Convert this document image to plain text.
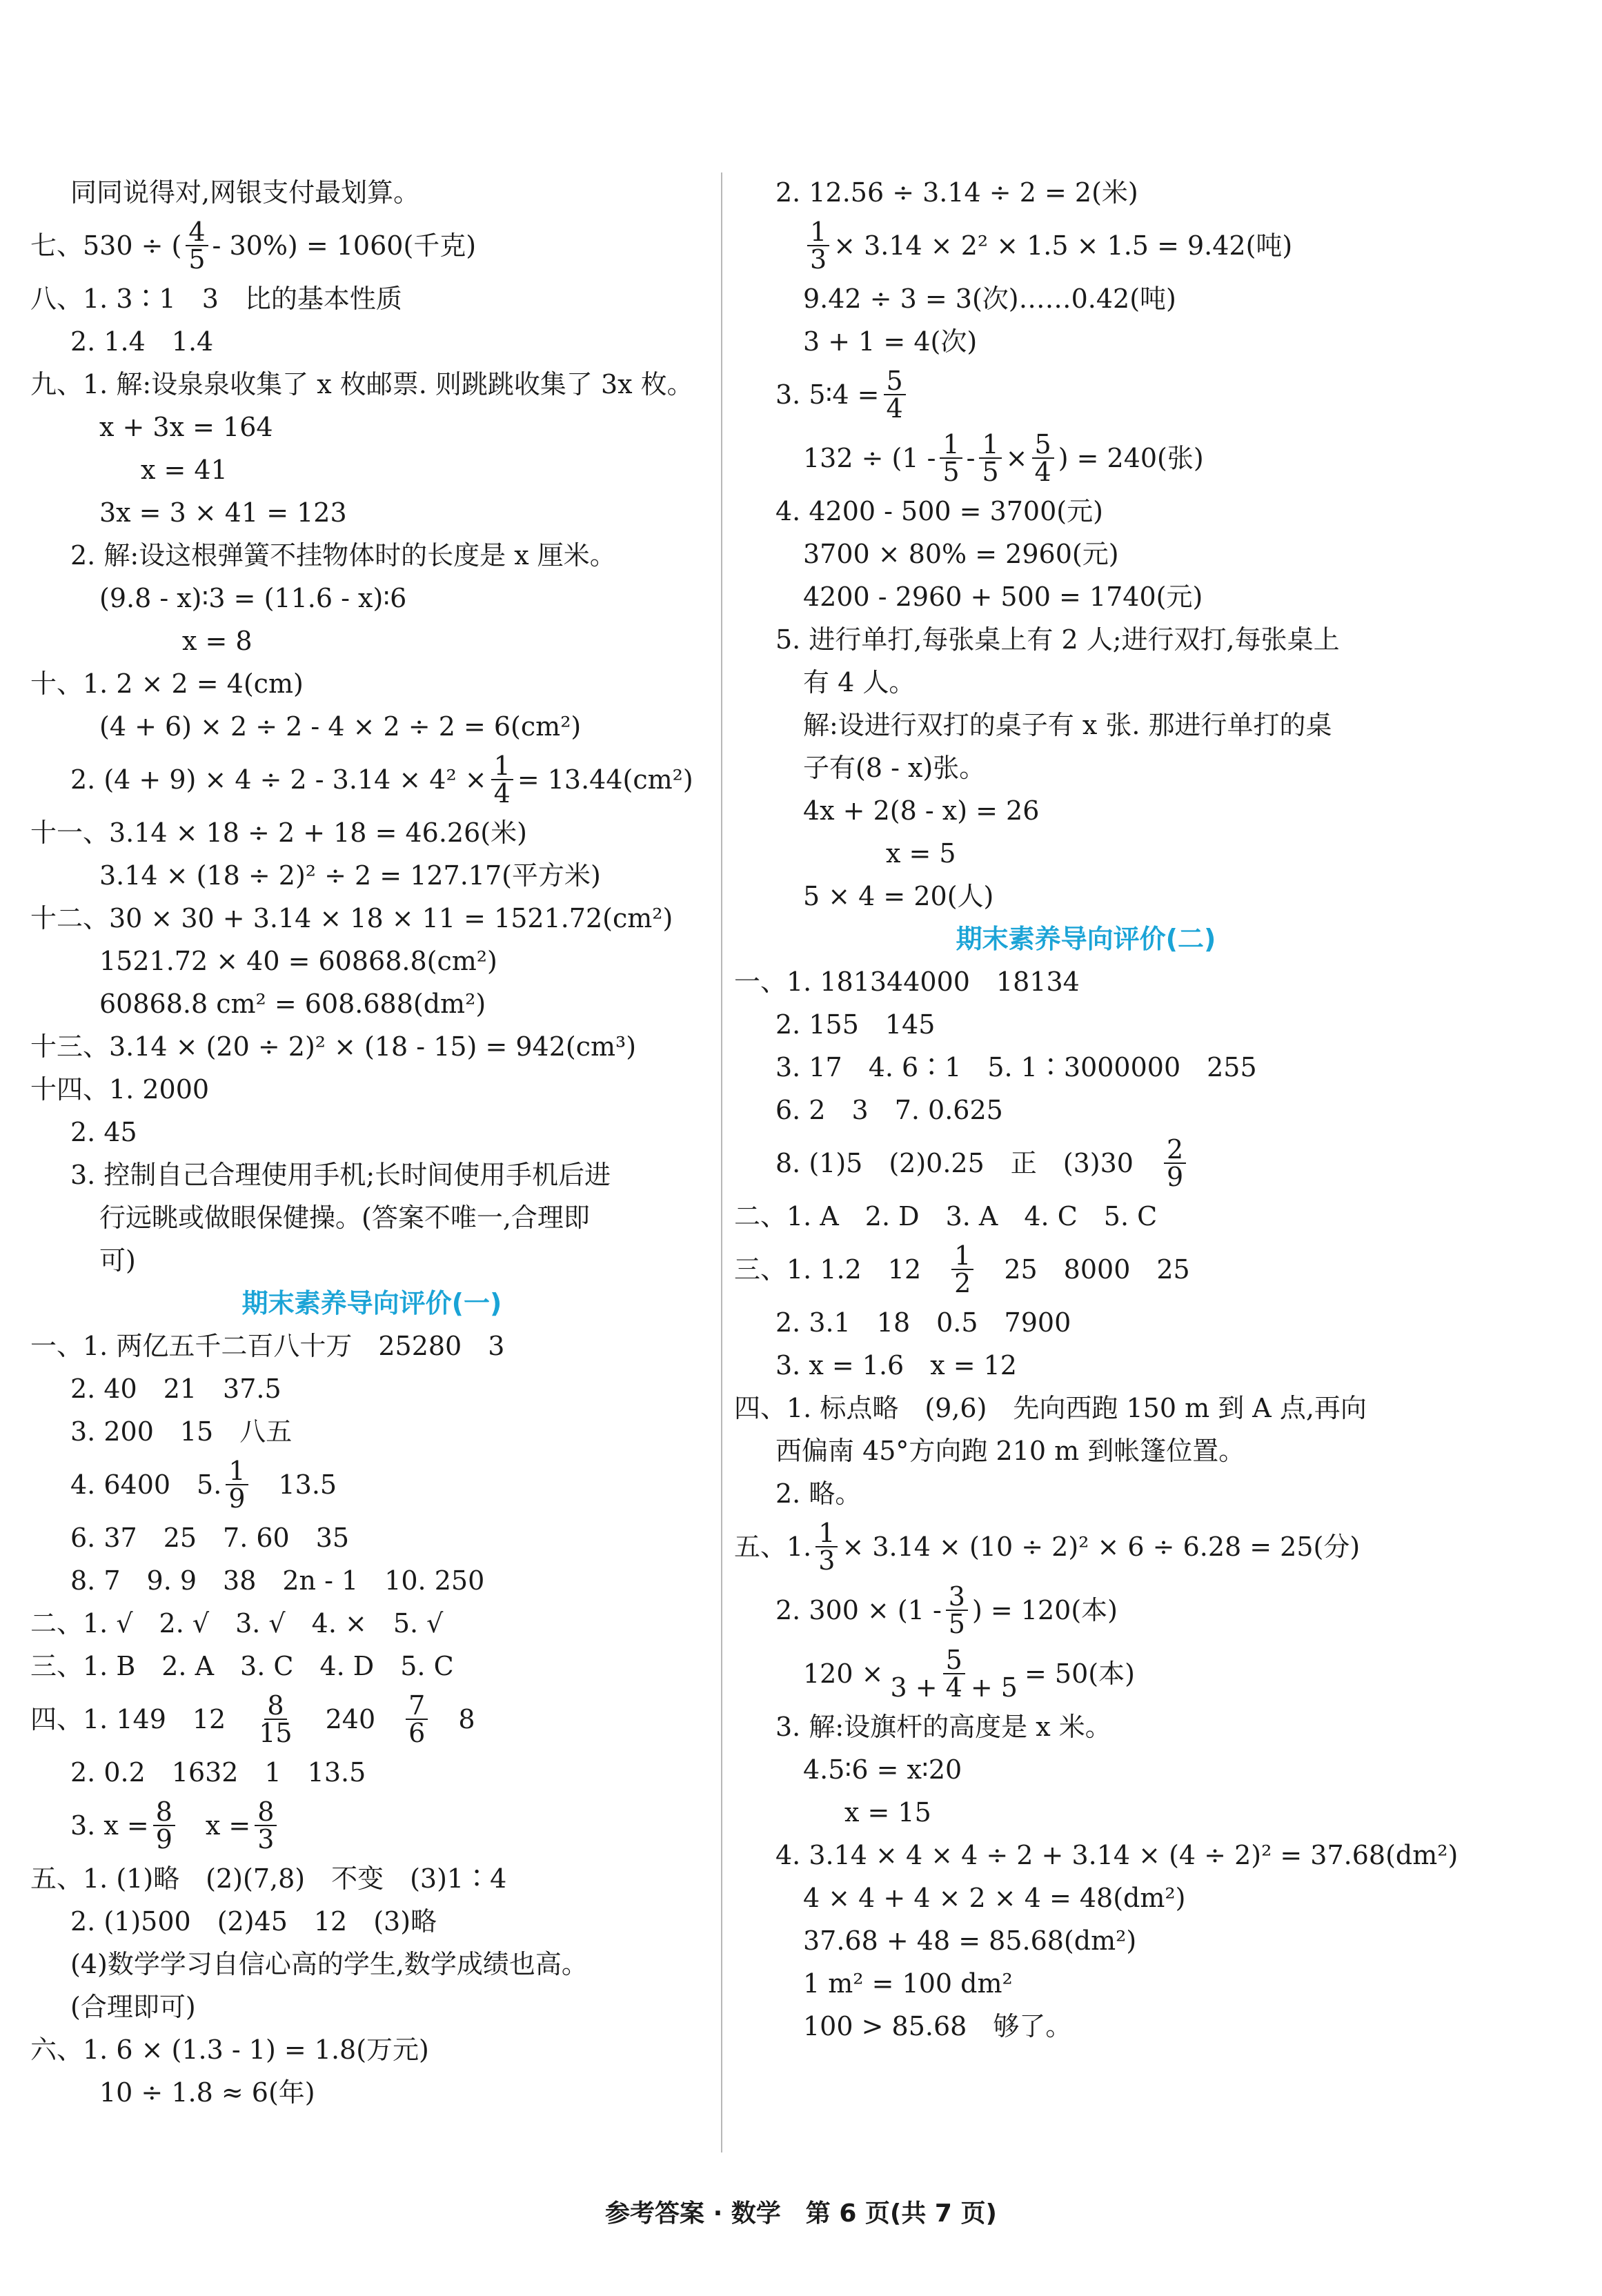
同同说得对,网银支付最划算。
七、530 ÷ ( $\frac{4}{5} - 30\%) = 1060$(千克)
八、1. 3∶1　3　比的基本性质
2. 1.4　1.4
九、1. 解:设泉泉收集了 x 枚邮票. 则跳跳收集了 3x 枚。
x + 3x = 164
x = 41
3x = 3 × 41 = 123
2. 解:设这根弹簧不挂物体时的长度是 x 厘米。
(9.8 - x)∶3 = (11.6 - x)∶6
x = 8
十、1. 2 × 2 = 4(cm)
(4 + 6) × 2 ÷ 2 - 4 × 2 ÷ 2 = 6(cm²)
2. $(4 + 9) \times 4 \div 2 - 3.14 \times 4^2 \times \frac{1}{4} = 13.44(cm^2)$
十一、3.14 × 18 ÷ 2 + 18 = 46.26(米)
3.14 × (18 ÷ 2)² ÷ 2 = 127.17(平方米)
十二、30 × 30 + 3.14 × 18 × 11 = 1521.72(cm²)
1521.72 × 40 = 60868.8(cm²)
60868.8 cm² = 608.688(dm²)
十三、3.14 × (20 ÷ 2)² × (18 - 15) = 942(cm³)
十四、1. 2000
2. 45
3. 控制自己合理使用手机;长时间使用手机后进
行远眺或做眼保健操。(答案不唯一,合理即
可)
期末素养导向评价(一)
一、1. 两亿五千二百八十万　25280　3
2. 40　21　37.5
3. 200　15　八五
4. 6400　5. $\frac{1}{9}$ 　13.5
6. 37　25　7. 60　35
8. 7　9. 9　38　2n - 1　10. 250
二、1. √　2. √　3. √　4. ×　5. √
三、1. B　2. A　3. C　4. D　5. C
四、1. 149　12　 $\frac{8}{15}$ 　240　 $\frac{7}{6}$ 　8
2. 0.2　1632　1　13.5
3. $x = \frac{8}{9}$ 　$x = \frac{8}{3}$
五、1. (1)略　(2)(7,8)　不变　(3)1∶4
2. (1)500　(2)45　12　(3)略
(4)数学学习自信心高的学生,数学成绩也高。
(合理即可)
六、1. 6 × (1.3 - 1) = 1.8(万元)
10 ÷ 1.8 ≈ 6(年)
2. 12.56 ÷ 3.14 ÷ 2 = 2(米)
$\frac{1}{3} \times 3.14 \times 2^2 \times 1.5 \times 1.5 = 9.42$(吨)
9.42 ÷ 3 = 3(次)……0.42(吨)
3 + 1 = 4(次)
3. 5∶4 = $\frac{5}{4}$
$132 \div (1 - \frac{1}{5} - \frac{1}{5} \times \frac{5}{4}$ ) = 240(张)
4. 4200 - 500 = 3700(元)
3700 × 80% = 2960(元)
4200 - 2960 + 500 = 1740(元)
5. 进行单打,每张桌上有 2 人;进行双打,每张桌上
有 4 人。
解:设进行双打的桌子有 x 张. 那进行单打的桌
子有(8 - x)张。
4x + 2(8 - x) = 26
x = 5
5 × 4 = 20(人)
期末素养导向评价(二)
一、1. 181344000　18134
2. 155　145
3. 17　4. 6∶1　5. 1∶3000000　255
6. 2　3　7. 0.625
8. (1)5　(2)0.25　正　(3)30　 $\frac{2}{9}$
二、1. A　2. D　3. A　4. C　5. C
三、1. 1.2　12　 $\frac{1}{2}$ 　25　8000　25
2. 3.1　18　0.5　7900
3. x = 1.6　x = 12
四、1. 标点略　(9,6)　先向西跑 150 m 到 A 点,再向
西偏南 45°方向跑 210 m 到帐篷位置。
2. 略。
五、1. $\frac{1}{3} \times 3.14 \times (10 \div 2)^2 \times 6 \div 6.28 = 25$(分)
2. $300 \times (1 - \frac{3}{5}$ ) = 120(本)
$120 \times \frac{5}{3 + 4 + 5} = 50$(本)
3. 解:设旗杆的高度是 x 米。
4.5∶6 = x∶20
x = 15
4. 3.14 × 4 × 4 ÷ 2 + 3.14 × (4 ÷ 2)² = 37.68(dm²)
4 × 4 + 4 × 2 × 4 = 48(dm²)
37.68 + 48 = 85.68(dm²)
1 m² = 100 dm²
100 > 85.68　够了。
参考答案 · 数学　第 6 页(共 7 页)
